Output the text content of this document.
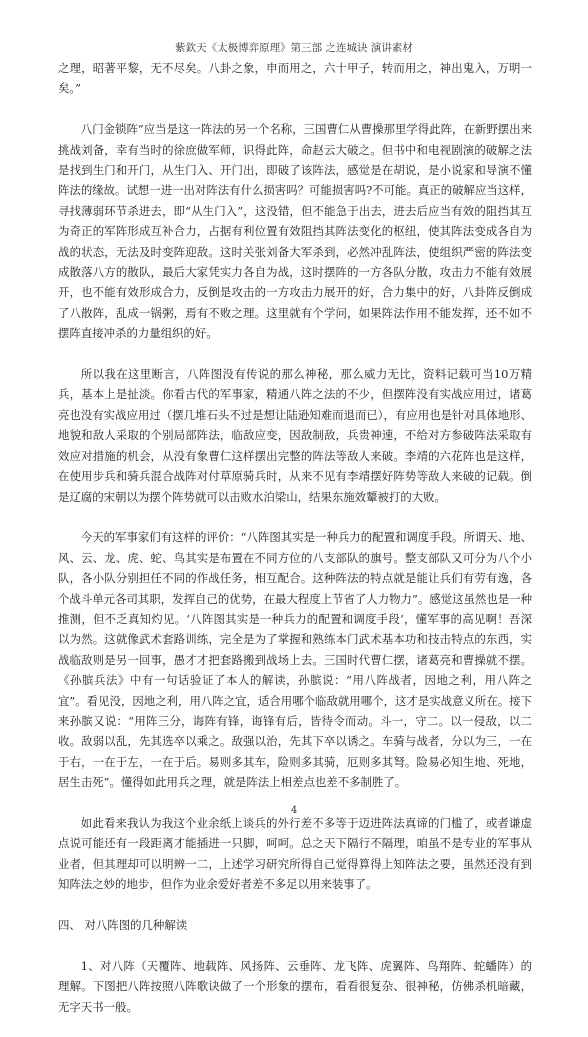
紫欽天《太极博弈原理》第三部 之连城诀 演讲素材

之理，昭著平黎，无不尽矣。八卦之象，申而用之，六十甲子，转而用之，神出鬼入，万明一矣。”

八门金锁阵”应当是这一阵法的另一个名称，三国曹仁从曹操那里学得此阵，在新野摆出来挑战刘备，幸有当时的徐庶做军师，识得此阵，命赵云大破之。但书中和电视剧演的破解之法是找到生门和开门，从生门入、开门出，即破了该阵法，感觉是在胡说，是小说家和导演不懂阵法的缘故。试想一进一出对阵法有什么损害吗？可能损害吗?不可能。真正的破解应当这样，寻找薄弱环节杀进去，即“从生门入”，这没错，但不能急于出去，进去后应当有效的阻挡其互为奇正的军阵形成互补合力，占据有利位置有效阻挡其阵法变化的枢纽，使其阵法变成各自为战的状态，无法及时变阵迎敌。这时关张刘备大军杀到，必然冲乱阵法，使组织严密的阵法变成散落八方的散队，最后大家凭实力各自为战，这时摆阵的一方各队分散，攻击力不能有效展开，也不能有效形成合力，反倒是攻击的一方攻击力展开的好，合力集中的好，八卦阵反倒成了八散阵，乱成一锅粥，焉有不败之理。这里就有个学问，如果阵法作用不能发挥，还不如不摆阵直接冲杀的力量组织的好。

所以我在这里断言，八阵图没有传说的那么神秘，那么威力无比，资料记载可当10万精兵，基本上是扯淡。你看古代的军事家，精通八阵之法的不少，但摆阵没有实战应用过，诸葛亮也没有实战应用过（摆几堆石头不过是想让陆逊知难而退而已），有应用也是针对具体地形、地貌和敌人采取的个别局部阵法，临敌应变，因敌制敌，兵贵神速，不给对方参破阵法采取有效应对措施的机会，从没有象曹仁这样摆出完整的阵法等敌人来破。李靖的六花阵也是这样，在使用步兵和骑兵混合战阵对付草原骑兵时，从来不见有李靖摆好阵势等敌人来破的记载。倒是辽腐的宋朝以为摆个阵势就可以击败水泊梁山，结果东施效颦被打的大败。

今天的军事家们有这样的评价：“八阵图其实是一种兵力的配置和调度手段。所谓天、地、风、云、龙、虎、蛇、鸟其实是布置在不同方位的八支部队的旗号。整支部队又可分为八个小队，各小队分别担任不同的作战任务，相互配合。这种阵法的特点就是能让兵们有劳有逸，各个战斗单元各司其职，发挥自己的优势，在最大程度上节省了人力物力”。感觉这虽然也是一种推测，但不乏真知灼见。‘八阵图其实是一种兵力的配置和调度手段’，懂军事的高见啊！吾深以为然。这就像武术套路训练，完全是为了掌握和熟练本门武术基本功和技击特点的东西，实战临敌则是另一回事，愚才才把套路搬到战场上去。三国时代曹仁摆，诸葛亮和曹操就不摆。《孙膑兵法》中有一句话验证了本人的解读，孙膑说：“用八阵战者，因地之利，用八阵之宜”。看见没，因地之利，用八阵之宜，适合用哪个临敌就用哪个，这才是实战意义所在。接下来孙膑又说：“用阵三分，诲阵有锋，诲锋有后，皆待令而动。斗一，守二。以一侵敌，以二收。敌弱以乱，先其选卒以乘之。敌强以治，先其下卒以诱之。车骑与战者，分以为三，一在于右，一在于左，一在于后。易则多其车，险则多其骑，厄则多其弩。险易必知生地、死地，居生击死”。懂得如此用兵之理，就是阵法上相差点也差不多制胜了。

如此看来我认为我这个业余纸上谈兵的外行差不多等于迈进阵法真谛的门槛了，或者谦虚点说可能还有一段距离才能插进一只脚，呵呵。总之天下隔行不隔理，咱虽不是专业的军事从业者，但其理却可以明辨一二，上述学习研究所得自己觉得算得上知阵法之要，虽然还没有到知阵法之妙的地步，但作为业余爱好者差不多足以用来装事了。

四、 对八阵图的几种解读

1、对八阵（天覆阵、地载阵、风扬阵、云垂阵、龙飞阵、虎翼阵、鸟翔阵、蛇蟠阵）的理解。下图把八阵按照八阵歌诀做了一个形象的摆布，看看很复杂、很神秘，仿佛杀机暗藏，无字天书一般。

4
